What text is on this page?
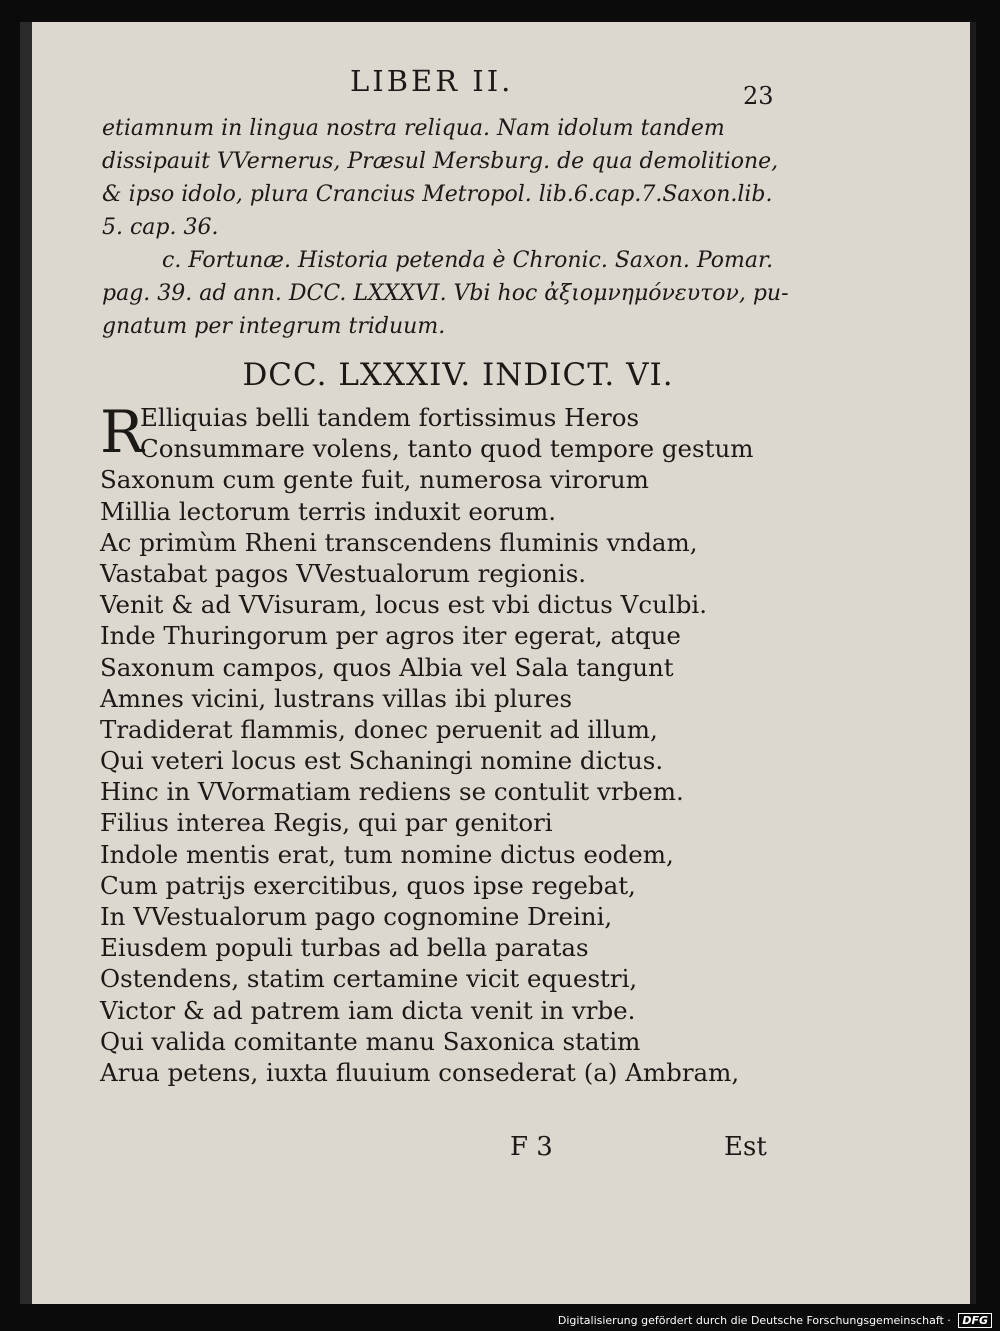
LIBER II.	23
etiamnum in lingua nostra reliqua. Nam idolum tandem
dissipauit VVernerus, Præsul Mersburg. de qua demolitione,
& ipso idolo, plura Crancius Metropol. lib.6.cap.7.Saxon.lib.
5. cap. 36.
c. Fortunæ. Historia petenda è Chronic. Saxon. Pomar.
pag. 39. ad ann. DCC. LXXXVI. Vbi hoc ἀξιομνημόνευτον, pu-
gnatum per integrum triduum.
DCC. LXXXIV. INDICT. VI.
R
Elliquias belli tandem fortissimus Heros
Consummare volens, tanto quod tempore gestum
Saxonum cum gente fuit, numerosa virorum
Millia lectorum terris induxit eorum.
Ac primùm Rheni transcendens fluminis vndam,
Vastabat pagos VVestualorum regionis.
Venit & ad VVisuram, locus est vbi dictus Vculbi.
Inde Thuringorum per agros iter egerat, atque
Saxonum campos, quos Albia vel Sala tangunt
Amnes vicini, lustrans villas ibi plures
Tradiderat flammis, donec peruenit ad illum,
Qui veteri locus est Schaningi nomine dictus.
Hinc in VVormatiam rediens se contulit vrbem.
Filius interea Regis, qui par genitori
Indole mentis erat, tum nomine dictus eodem,
Cum patrijs exercitibus, quos ipse regebat,
In VVestualorum pago cognomine Dreini,
Eiusdem populi turbas ad bella paratas
Ostendens, statim certamine vicit equestri,
Victor & ad patrem iam dicta venit in vrbe.
Qui valida comitante manu Saxonica statim
Arua petens, iuxta fluuium consederat (a) Ambram,
F 3	Est
Digitalisierung gefördert durch die Deutsche Forschungsgemeinschaft · DFG
